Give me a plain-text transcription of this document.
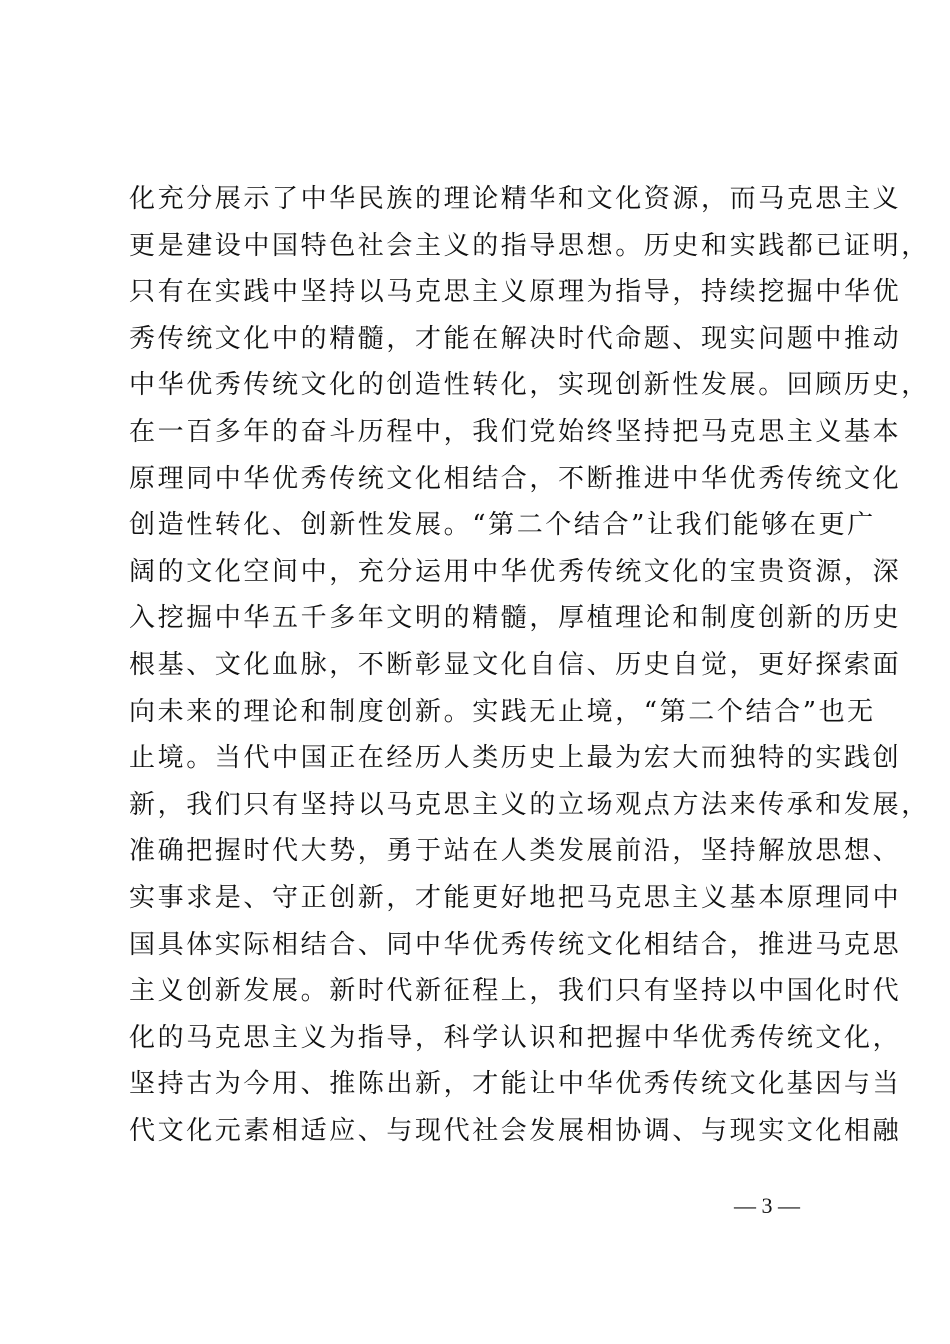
化充分展示了中华民族的理论精华和文化资源，而马克思主义
更是建设中国特色社会主义的指导思想。历史和实践都已证明，
只有在实践中坚持以马克思主义原理为指导，持续挖掘中华优
秀传统文化中的精髓，才能在解决时代命题、现实问题中推动
中华优秀传统文化的创造性转化，实现创新性发展。回顾历史，
在一百多年的奋斗历程中，我们党始终坚持把马克思主义基本
原理同中华优秀传统文化相结合，不断推进中华优秀传统文化
创造性转化、创新性发展。“第二个结合”让我们能够在更广
阔的文化空间中，充分运用中华优秀传统文化的宝贵资源，深
入挖掘中华五千多年文明的精髓，厚植理论和制度创新的历史
根基、文化血脉，不断彰显文化自信、历史自觉，更好探索面
向未来的理论和制度创新。实践无止境，“第二个结合”也无
止境。当代中国正在经历人类历史上最为宏大而独特的实践创
新，我们只有坚持以马克思主义的立场观点方法来传承和发展，
准确把握时代大势，勇于站在人类发展前沿，坚持解放思想、
实事求是、守正创新，才能更好地把马克思主义基本原理同中
国具体实际相结合、同中华优秀传统文化相结合，推进马克思
主义创新发展。新时代新征程上，我们只有坚持以中国化时代
化的马克思主义为指导，科学认识和把握中华优秀传统文化，
坚持古为今用、推陈出新，才能让中华优秀传统文化基因与当
代文化元素相适应、与现代社会发展相协调、与现实文化相融
— 3 —
